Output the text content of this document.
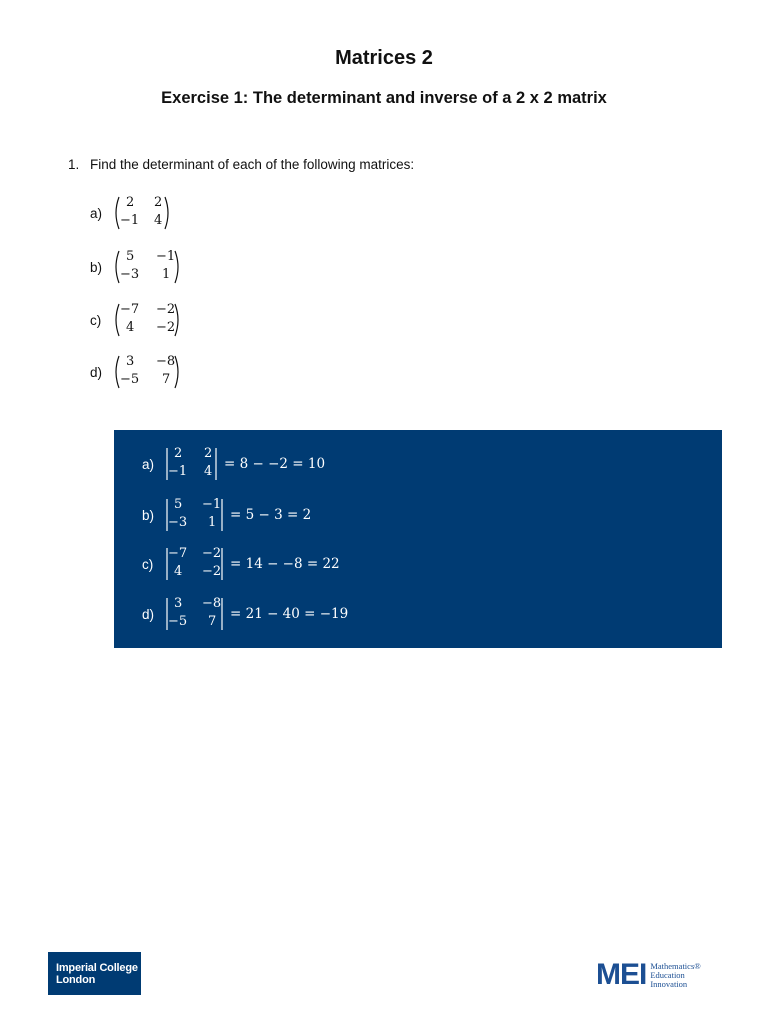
Matrices 2
Exercise 1: The determinant and inverse of a 2 x 2 matrix
1. Find the determinant of each of the following matrices:
a)
2 2
−1 4
b)
5 −1
−3 1
c)
−7 −2
4 −2
d)
3 −8
−5 7
a)
2 2
−1 4 = 8 − −2 = 10
b)
5 −1
−3 1 = 5 − 3 = 2
c)
−7 −2
4 −2 = 14 − −8 = 22
d)
3 −8
−5 7 = 21 − 40 = −19
Imperial College
London	MEI Mathematics®
Education
Innovation
